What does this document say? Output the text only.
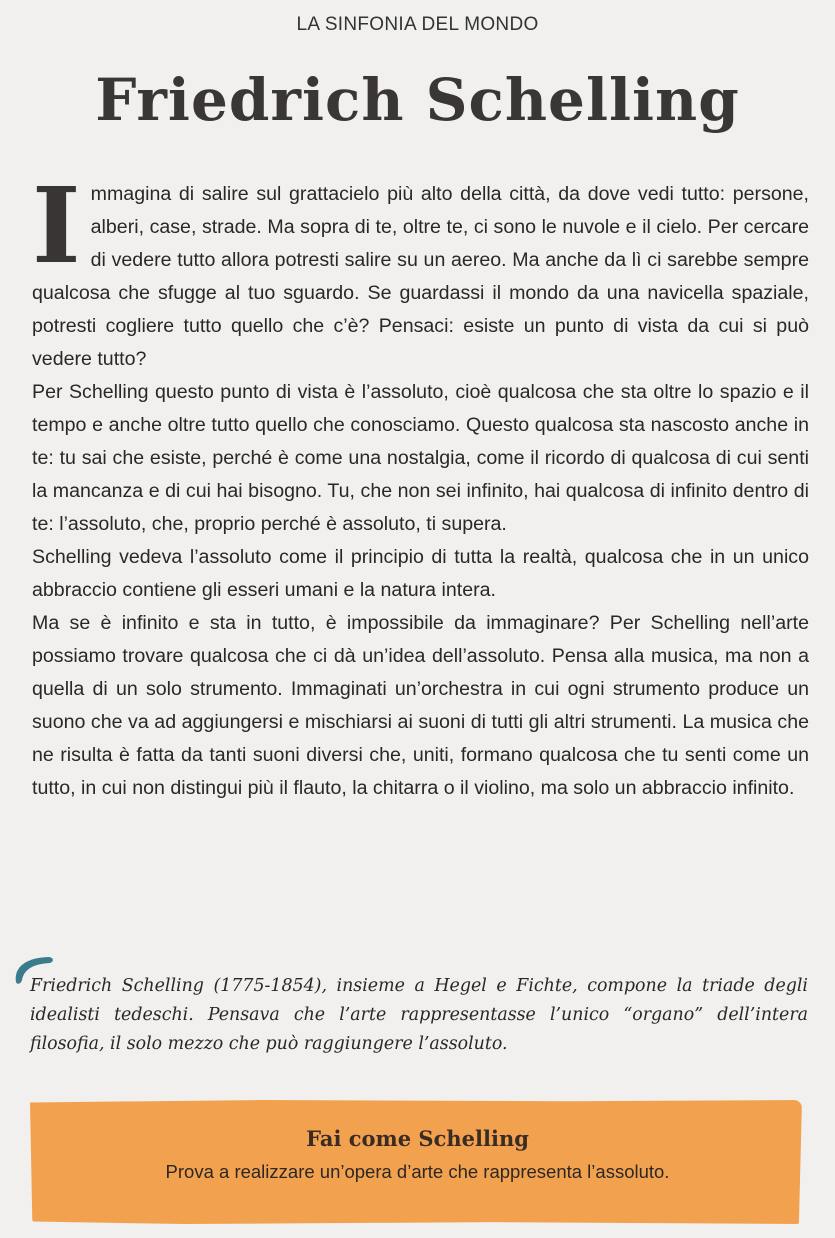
LA SINFONIA DEL MONDO
Friedrich Schelling
I mmagina di salire sul grattacielo più alto della città, da dove vedi tutto: persone, alberi, case, strade. Ma sopra di te, oltre te, ci sono le nuvole e il cielo. Per cercare di vedere tutto allora potresti salire su un aereo. Ma anche da lì ci sarebbe sempre qualcosa che sfugge al tuo sguardo. Se guardassi il mondo da una navicella spaziale, potresti cogliere tutto quello che c’è? Pensaci: esiste un punto di vista da cui si può vedere tutto?

Per Schelling questo punto di vista è l’assoluto, cioè qualcosa che sta oltre lo spazio e il tempo e anche oltre tutto quello che conosciamo. Questo qualcosa sta nascosto anche in te: tu sai che esiste, perché è come una nostalgia, come il ricordo di qualcosa di cui senti la mancanza e di cui hai bisogno. Tu, che non sei infinito, hai qualcosa di infinito dentro di te: l’assoluto, che, proprio perché è assoluto, ti supera.

Schelling vedeva l’assoluto come il principio di tutta la realtà, qualcosa che in un unico abbraccio contiene gli esseri umani e la natura intera.

Ma se è infinito e sta in tutto, è impossibile da immaginare? Per Schelling nell’arte possiamo trovare qualcosa che ci dà un’idea dell’assoluto. Pensa alla musica, ma non a quella di un solo strumento. Immaginati un’orchestra in cui ogni strumento produce un suono che va ad aggiungersi e mischiarsi ai suoni di tutti gli altri strumenti. La musica che ne risulta è fatta da tanti suoni diversi che, uniti, formano qualcosa che tu senti come un tutto, in cui non distingui più il flauto, la chitarra o il violino, ma solo un abbraccio infinito.

Friedrich Schelling (1775-1854), insieme a Hegel e Fichte, compone la triade degli idealisti tedeschi. Pensava che l’arte rappresentasse l’unico “organo” dell’intera filosofia, il solo mezzo che può raggiungere l’assoluto.

Fai come Schelling
Prova a realizzare un’opera d’arte che rappresenta l’assoluto.
